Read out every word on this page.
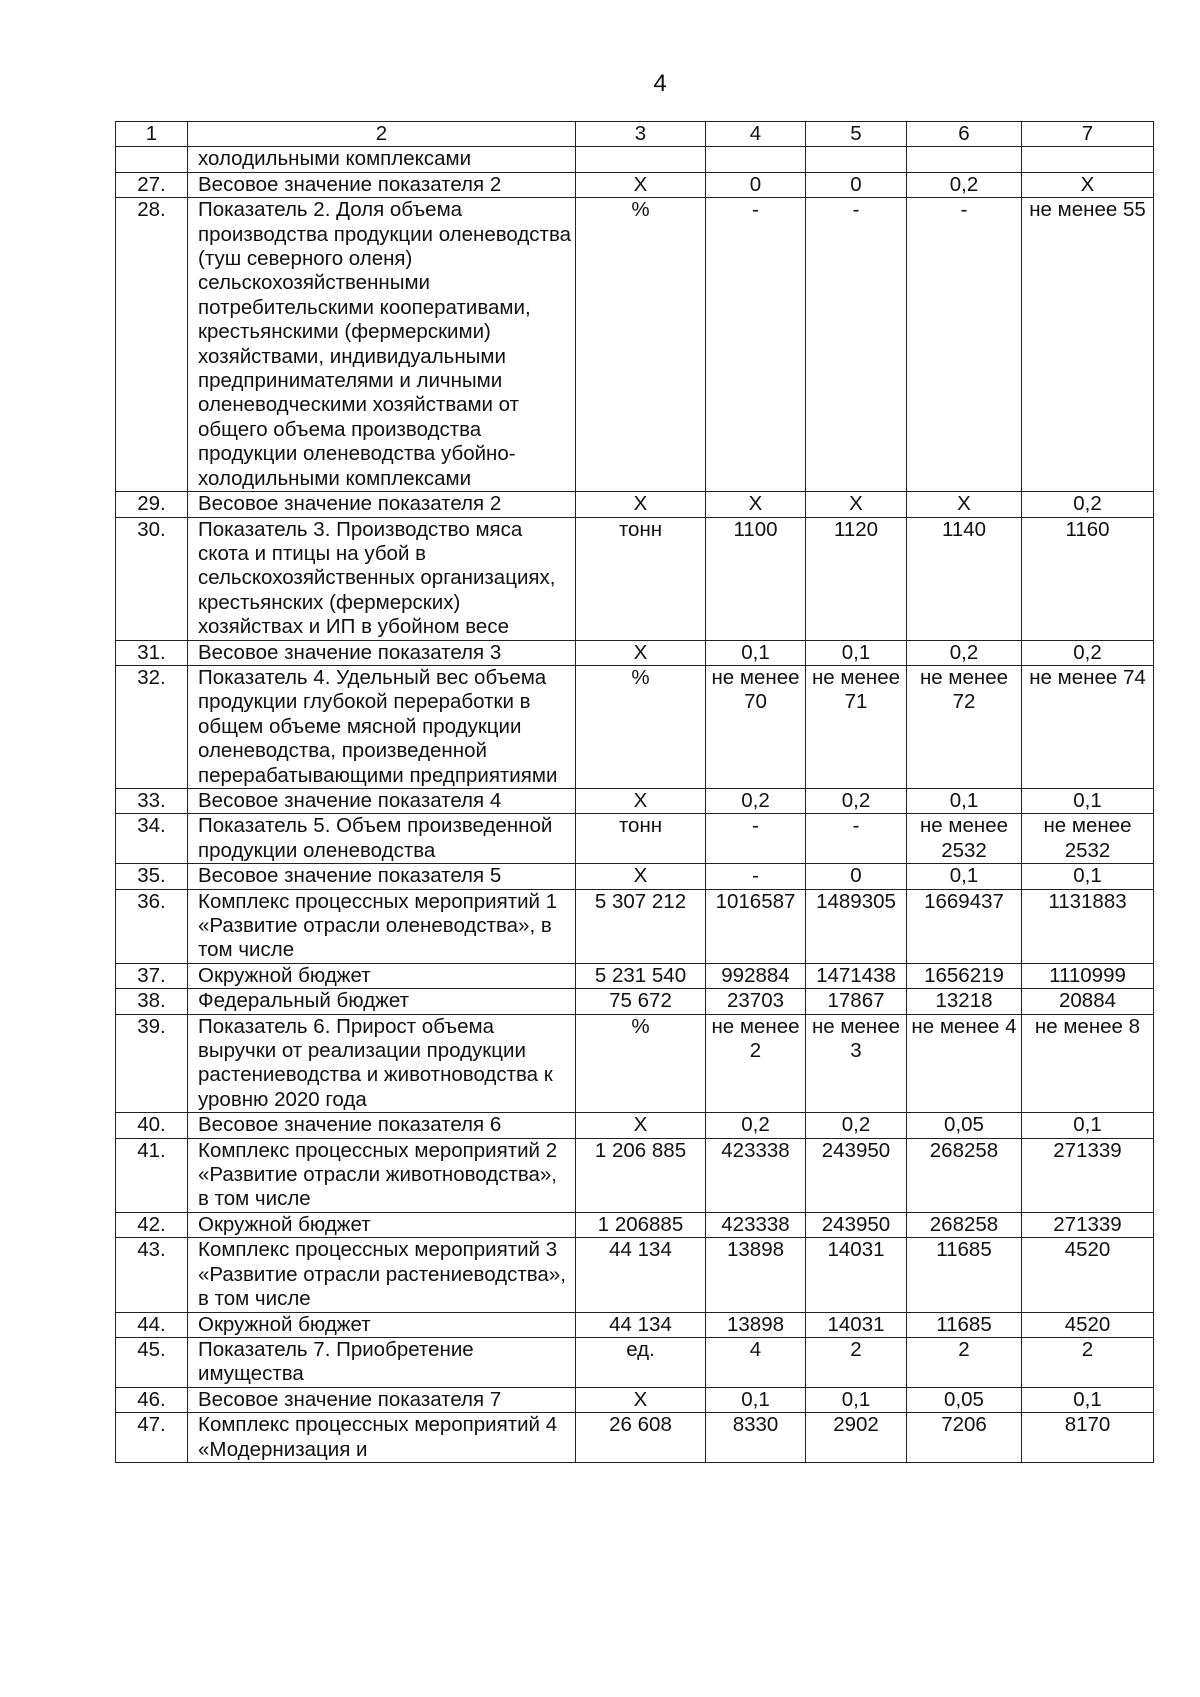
4
1	2	3	4	5	6	7
	холодильными комплексами					
27.	Весовое значение показателя 2	X	0	0	0,2	X
28.	Показатель 2. Доля объема производства продукции оленеводства (туш северного оленя) сельскохозяйственными потребительскими кооперативами, крестьянскими (фермерскими) хозяйствами, индивидуальными предпринимателями и личными оленеводческими хозяйствами от общего объема производства продукции оленеводства убойно-холодильными комплексами	%	-	-	-	не менее 55
29.	Весовое значение показателя 2	X	X	X	X	0,2
30.	Показатель 3. Производство мяса скота и птицы на убой в сельскохозяйственных организациях, крестьянских (фермерских) хозяйствах и ИП в убойном весе	тонн	1100	1120	1140	1160
31.	Весовое значение показателя 3	X	0,1	0,1	0,2	0,2
32.	Показатель 4. Удельный вес объема продукции глубокой переработки в общем объеме мясной продукции оленеводства, произведенной перерабатывающими предприятиями	%	не менее 70	не менее 71	не менее 72	не менее 74
33.	Весовое значение показателя 4	X	0,2	0,2	0,1	0,1
34.	Показатель 5. Объем произведенной продукции оленеводства	тонн	-	-	не менее 2532	не менее 2532
35.	Весовое значение показателя 5	X	-	0	0,1	0,1
36.	Комплекс процессных мероприятий 1 «Развитие отрасли оленеводства», в том числе	5 307 212	1016587	1489305	1669437	1131883
37.	Окружной бюджет	5 231 540	992884	1471438	1656219	1110999
38.	Федеральный бюджет	75 672	23703	17867	13218	20884
39.	Показатель 6. Прирост объема выручки от реализации продукции растениеводства и животноводства к уровню 2020 года	%	не менее 2	не менее 3	не менее 4	не менее 8
40.	Весовое значение показателя 6	X	0,2	0,2	0,05	0,1
41.	Комплекс процессных мероприятий 2 «Развитие отрасли животноводства», в том числе	1 206 885	423338	243950	268258	271339
42.	Окружной бюджет	1 206885	423338	243950	268258	271339
43.	Комплекс процессных мероприятий 3 «Развитие отрасли растениеводства», в том числе	44 134	13898	14031	11685	4520
44.	Окружной бюджет	44 134	13898	14031	11685	4520
45.	Показатель 7. Приобретение имущества	ед.	4	2	2	2
46.	Весовое значение показателя 7	X	0,1	0,1	0,05	0,1
47.	Комплекс процессных мероприятий 4 «Модернизация и	26 608	8330	2902	7206	8170
